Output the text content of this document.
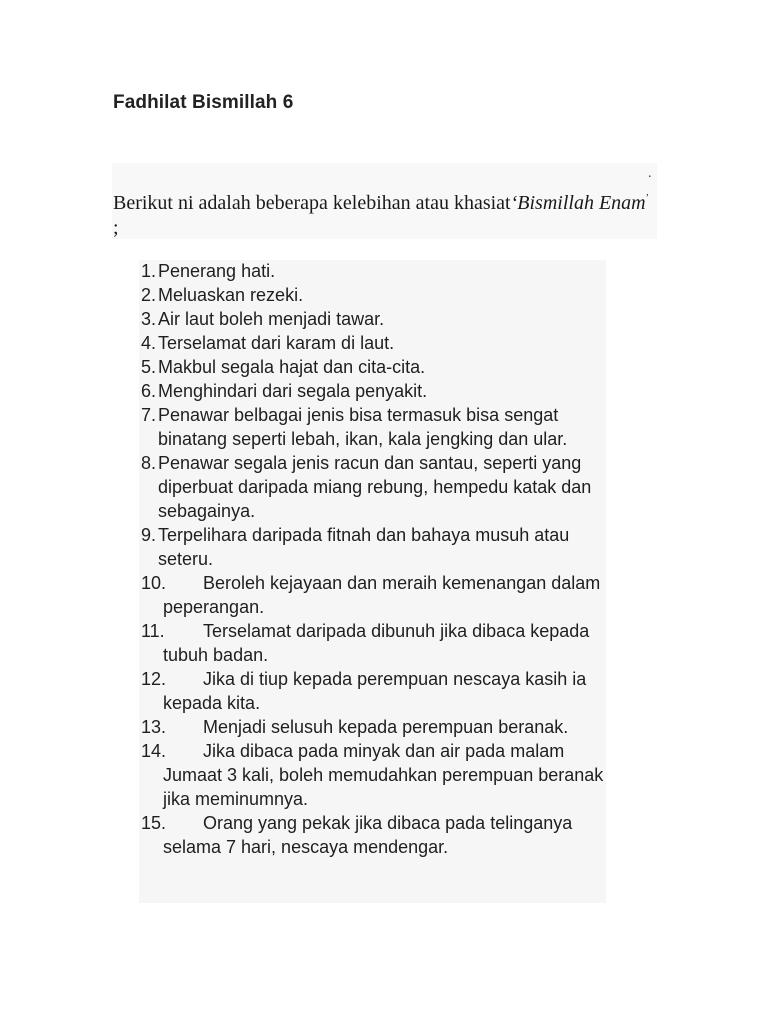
Fadhilat Bismillah 6
.
Berikut ni adalah beberapa kelebihan atau khasiat‘Bismillah Enam’ ;
1. Penerang hati.
2. Meluaskan rezeki.
3. Air laut boleh menjadi tawar.
4. Terselamat dari karam di laut.
5. Makbul segala hajat dan cita-cita.
6. Menghindari dari segala penyakit.
7. Penawar belbagai jenis bisa termasuk bisa sengat binatang seperti lebah, ikan, kala jengking dan ular.
8. Penawar segala jenis racun dan santau, seperti yang diperbuat daripada miang rebung, hempedu katak dan sebagainya.
9. Terpelihara daripada fitnah dan bahaya musuh atau seteru.
10.	Beroleh kejayaan dan meraih kemenangan dalam peperangan.
11.	Terselamat daripada dibunuh jika dibaca kepada tubuh badan.
12.	Jika di tiup kepada perempuan nescaya kasih ia kepada kita.
13.	Menjadi selusuh kepada perempuan beranak.
14.	Jika dibaca pada minyak dan air pada malam Jumaat 3 kali, boleh memudahkan perempuan beranak jika meminumnya.
15.	Orang yang pekak jika dibaca pada telinganya selama 7 hari, nescaya mendengar.
